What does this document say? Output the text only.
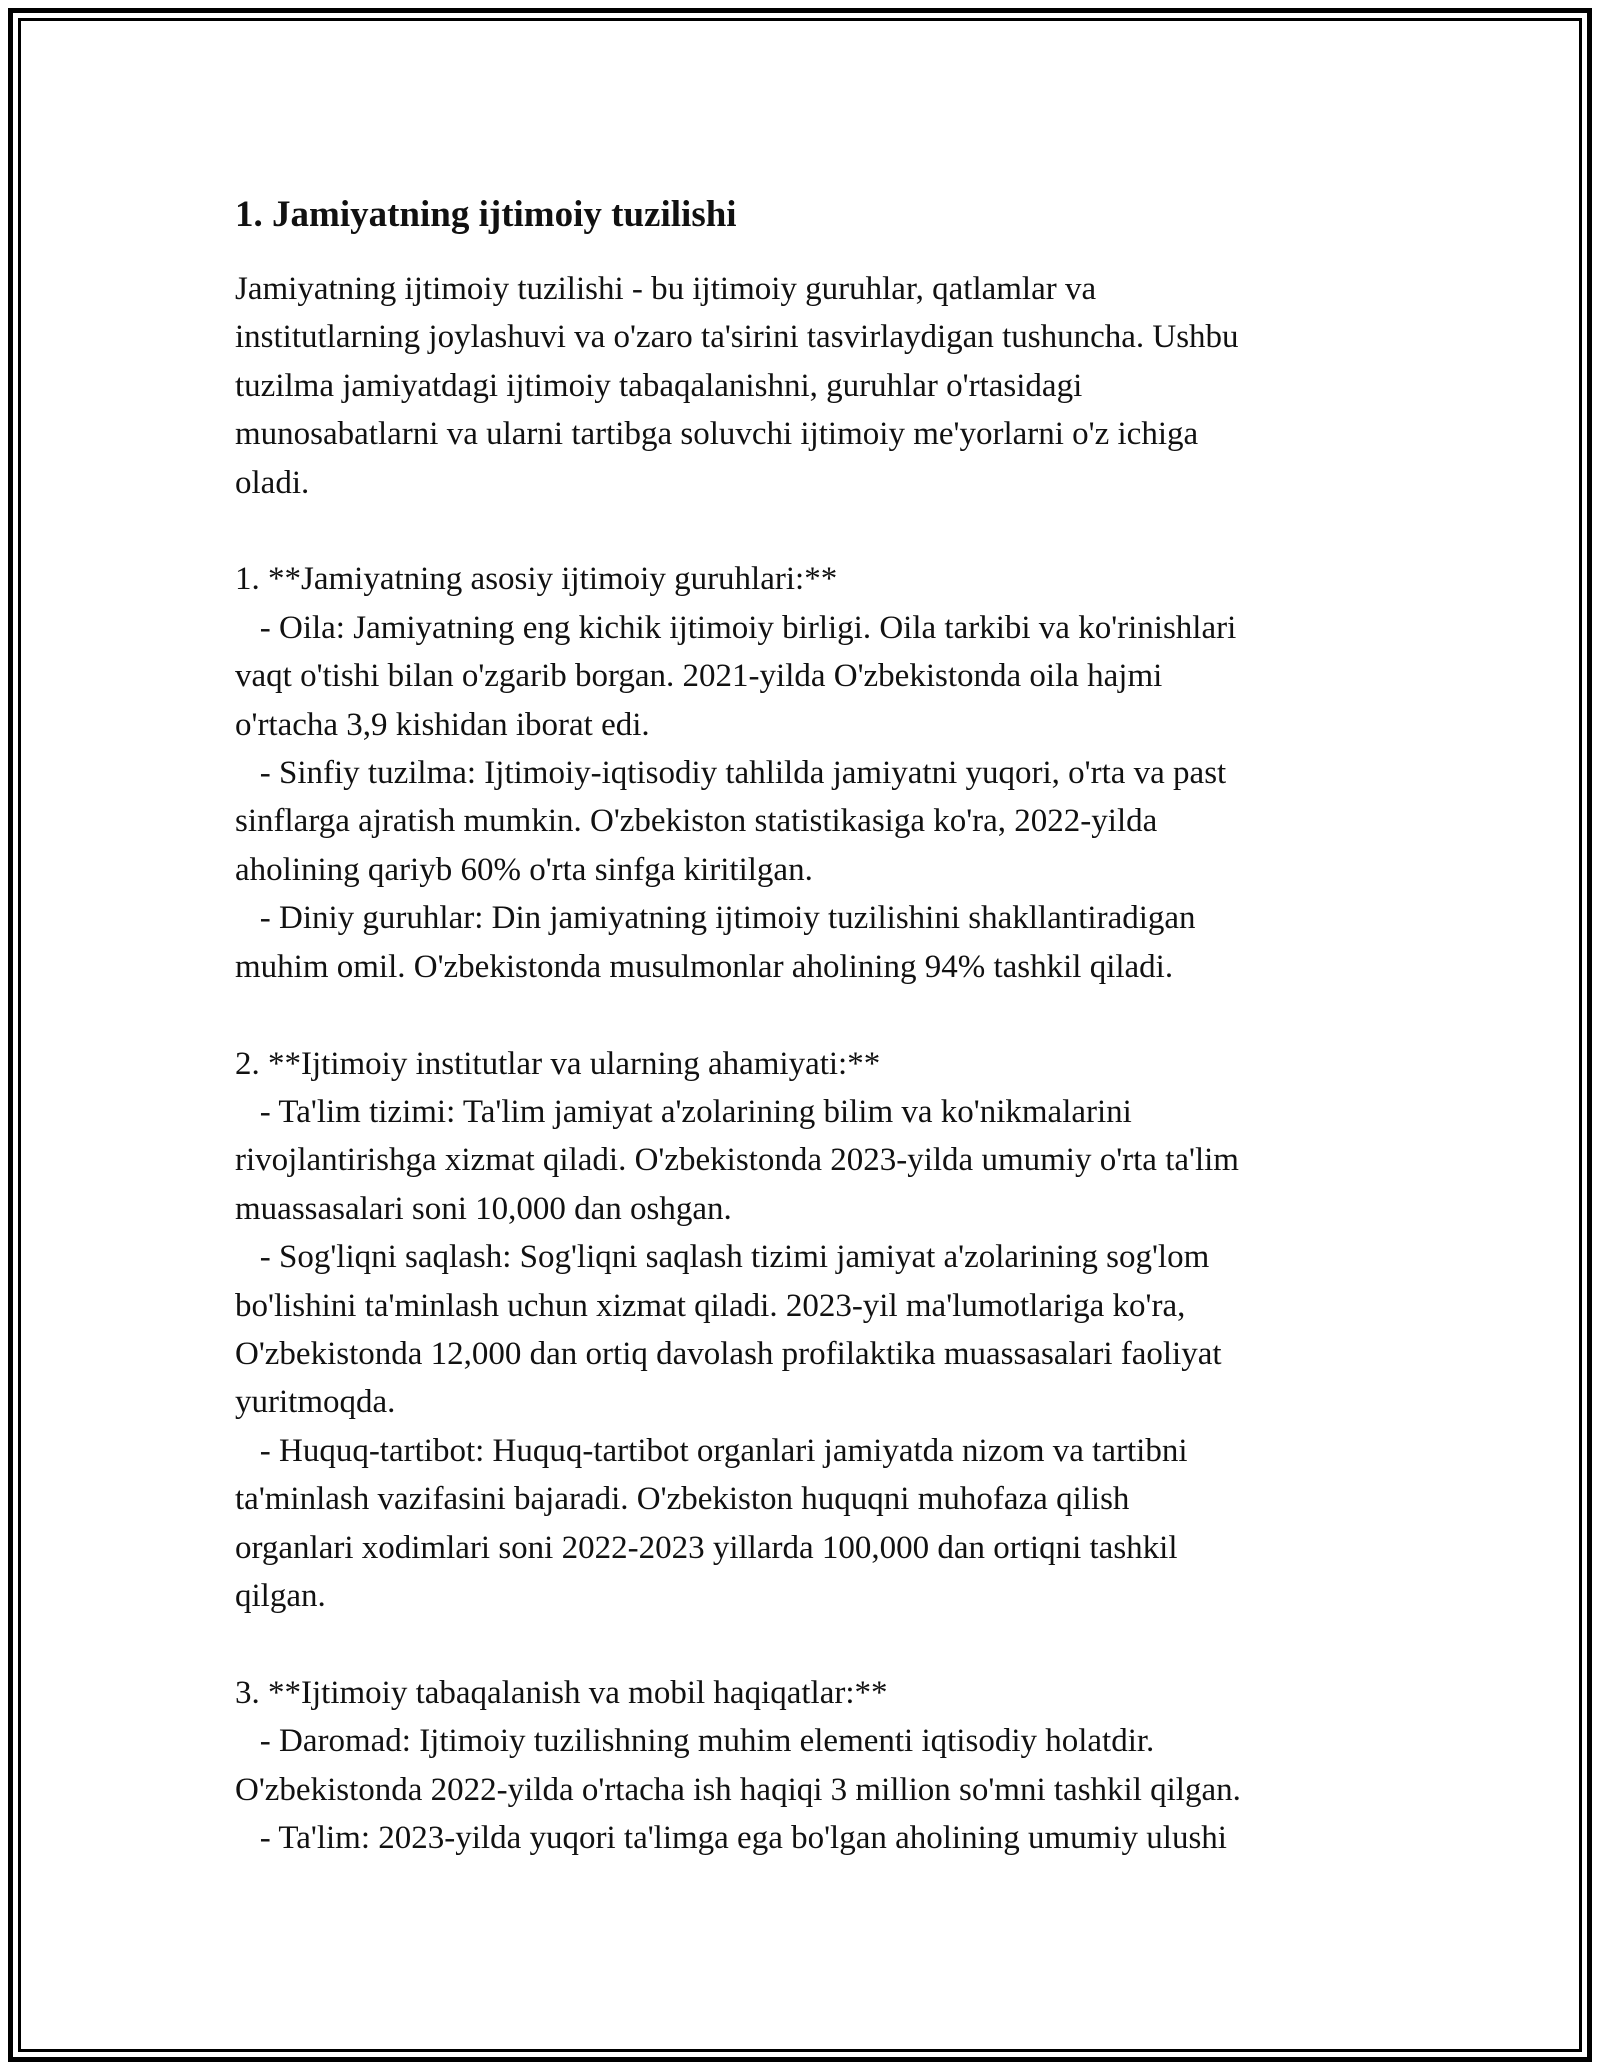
1. Jamiyatning ijtimoiy tuzilishi

Jamiyatning ijtimoiy tuzilishi - bu ijtimoiy guruhlar, qatlamlar va
institutlarning joylashuvi va o'zaro ta'sirini tasvirlaydigan tushuncha. Ushbu
tuzilma jamiyatdagi ijtimoiy tabaqalanishni, guruhlar o'rtasidagi
munosabatlarni va ularni tartibga soluvchi ijtimoiy me'yorlarni o'z ichiga
oladi.

1. **Jamiyatning asosiy ijtimoiy guruhlari:**
- Oila: Jamiyatning eng kichik ijtimoiy birligi. Oila tarkibi va ko'rinishlari
vaqt o'tishi bilan o'zgarib borgan. 2021-yilda O'zbekistonda oila hajmi
o'rtacha 3,9 kishidan iborat edi.
- Sinfiy tuzilma: Ijtimoiy-iqtisodiy tahlilda jamiyatni yuqori, o'rta va past
sinflarga ajratish mumkin. O'zbekiston statistikasiga ko'ra, 2022-yilda
aholining qariyb 60% o'rta sinfga kiritilgan.
- Diniy guruhlar: Din jamiyatning ijtimoiy tuzilishini shakllantiradigan
muhim omil. O'zbekistonda musulmonlar aholining 94% tashkil qiladi.

2. **Ijtimoiy institutlar va ularning ahamiyati:**
- Ta'lim tizimi: Ta'lim jamiyat a'zolarining bilim va ko'nikmalarini
rivojlantirishga xizmat qiladi. O'zbekistonda 2023-yilda umumiy o'rta ta'lim
muassasalari soni 10,000 dan oshgan.
- Sog'liqni saqlash: Sog'liqni saqlash tizimi jamiyat a'zolarining sog'lom
bo'lishini ta'minlash uchun xizmat qiladi. 2023-yil ma'lumotlariga ko'ra,
O'zbekistonda 12,000 dan ortiq davolash profilaktika muassasalari faoliyat
yuritmoqda.
- Huquq-tartibot: Huquq-tartibot organlari jamiyatda nizom va tartibni
ta'minlash vazifasini bajaradi. O'zbekiston huquqni muhofaza qilish
organlari xodimlari soni 2022-2023 yillarda 100,000 dan ortiqni tashkil
qilgan.

3. **Ijtimoiy tabaqalanish va mobil haqiqatlar:**
- Daromad: Ijtimoiy tuzilishning muhim elementi iqtisodiy holatdir.
O'zbekistonda 2022-yilda o'rtacha ish haqiqi 3 million so'mni tashkil qilgan.
- Ta'lim: 2023-yilda yuqori ta'limga ega bo'lgan aholining umumiy ulushi
